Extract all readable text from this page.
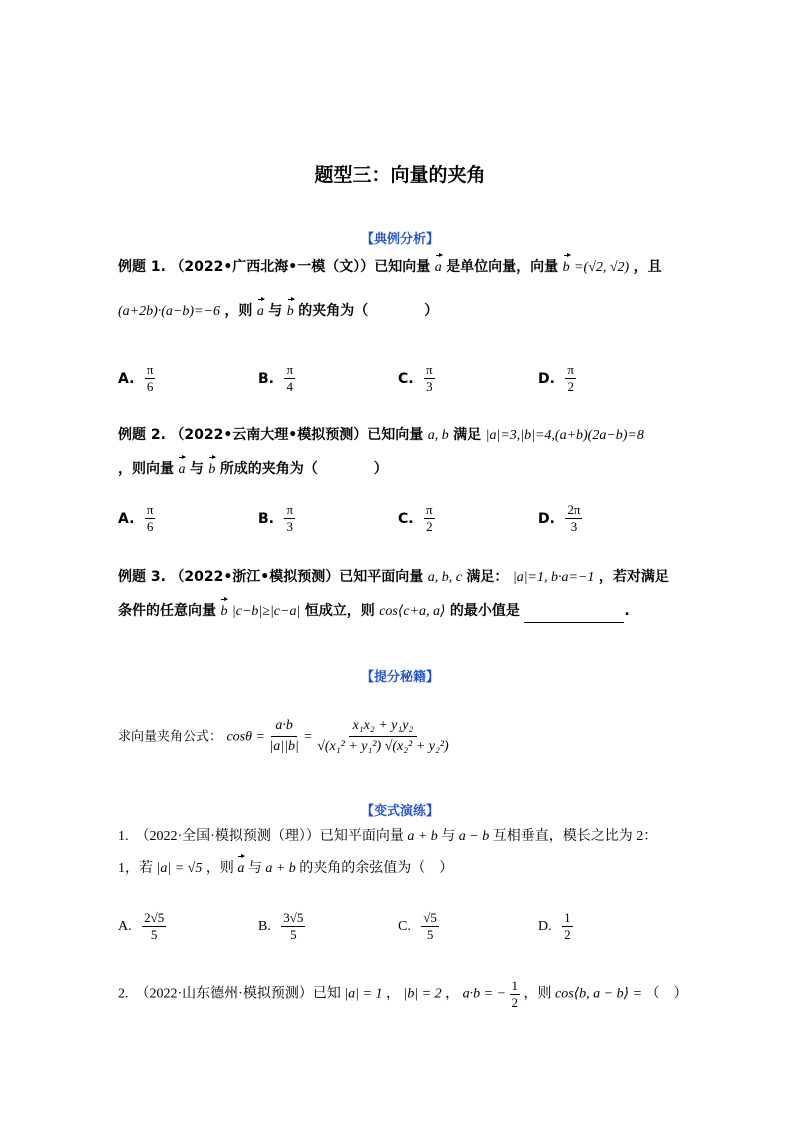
题型三：向量的夹角
【典例分析】
例题 1. （2022•广西北海•一模（文））已知向量 a 是单位向量，向量 b =(√2, √2) ，且
(a+2b)·(a−b)=−6 ，则 a 与 b 的夹角为（　　　　）
A. $\frac{\pi}{6}$	B. $\frac{\pi}{4}$	C. $\frac{\pi}{3}$	D. $\frac{\pi}{2}$
例题 2. （2022•云南大理•模拟预测）已知向量 a, b 满足 |a|=3,|b|=4,(a+b)(2a−b)=8
，则向量 a 与 b 所成的夹角为（　　　　）
A. $\frac{\pi}{6}$	B. $\frac{\pi}{3}$	C. $\frac{\pi}{2}$	D. $\frac{2\pi}{3}$
例题 3. （2022•浙江•模拟预测）已知平面向量 a, b, c 满足： |a|=1, b·a=−1 ，若对满足
条件的任意向量 b |c−b|≥|c−a| 恒成立，则 cos⟨c+a, a⟩ 的最小值是	.
【提分秘籍】
求向量夹角公式： $\cos\theta = \frac{a\cdot b}{|a||b|} = \frac{\text{x₁x₂ + y₁y₂}}{\text{√(x₁² + y₁²) √(x₂² + y₂²)}}$
【变式演练】
1.　（2022·全国·模拟预测（理））已知平面向量 a + b 与 a − b 互相垂直，模长之比为 2：
1，若 |a| = √5 ，则 a 与 a + b 的夹角的余弦值为（　）
A. $\frac{2√5}{5}$	B. $\frac{3√5}{5}$	C. $\frac{√5}{5}$	D. $\frac{1}{2}$
2.　（2022·山东德州·模拟预测）已知 |a| = 1 ， |b| = 2 ， a·b = − $\frac{1}{2}$ ，则 cos⟨b, a − b⟩ = （　）
